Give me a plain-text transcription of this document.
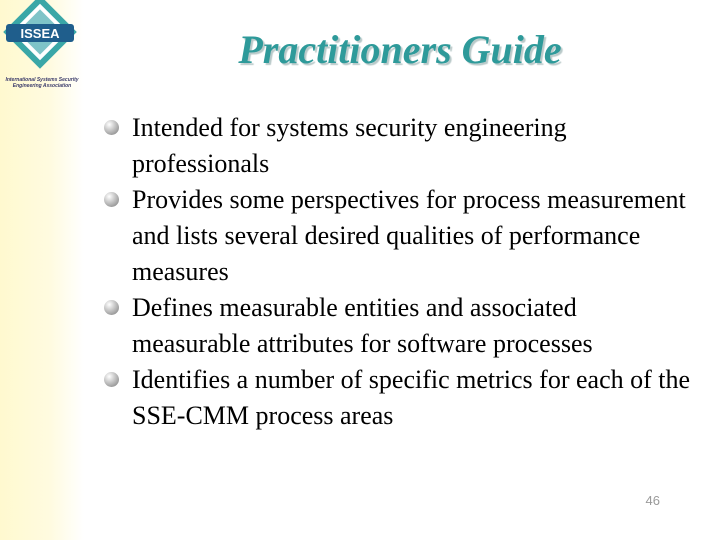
ISSEA
International Systems Security
Engineering Association
Practitioners Guide
Intended for systems security engineering professionals
Provides some perspectives for process measurement and lists several desired qualities of performance measures
Defines measurable entities and associated measurable attributes for software processes
Identifies a number of specific metrics for each of the SSE-CMM process areas
46
